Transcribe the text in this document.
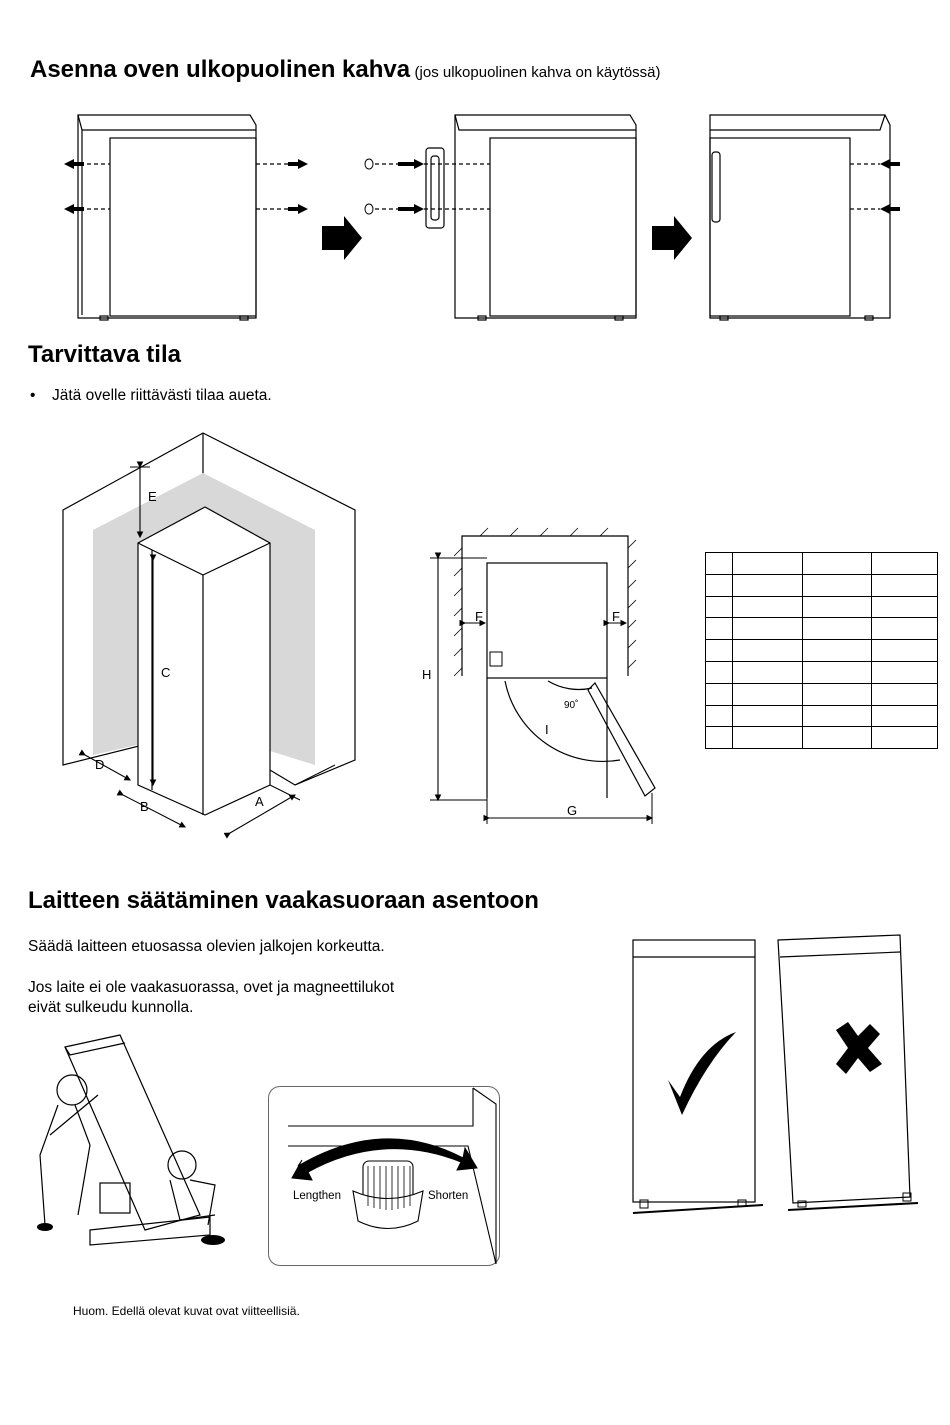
Asenna oven ulkopuolinen kahva (jos ulkopuolinen kahva on käytössä)
Tarvittava tila

• Jätä ovelle riittävästi tilaa aueta.

E
C
D
B	A
F	F
H
90˚
I
G

Laitteen säätäminen vaakasuoraan asentoon

Säädä laitteen etuosassa olevien jalkojen korkeutta.

Jos laite ei ole vaakasuorassa, ovet ja magneettilukot

eivät sulkeudu kunnolla.

Lengthen	Shorten

Huom. Edellä olevat kuvat ovat viitteellisiä.
